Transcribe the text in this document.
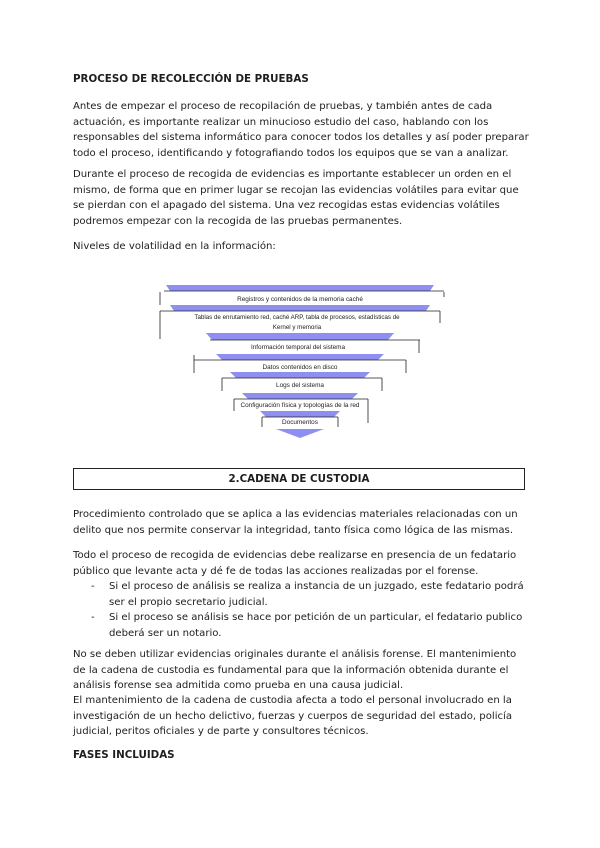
PROCESO DE RECOLECCIÓN DE PRUEBAS

Antes de empezar el proceso de recopilación de pruebas, y también antes de cada actuación, es importante realizar un minucioso estudio del caso, hablando con los responsables del sistema informático para conocer todos los detalles y así poder preparar todo el proceso, identificando y fotografiando todos los equipos que se van a analizar.

Durante el proceso de recogida de evidencias es importante establecer un orden en el mismo, de forma que en primer lugar se recojan las evidencias volátiles para evitar que se pierdan con el apagado del sistema. Una vez recogidas estas evidencias volátiles podremos empezar con la recogida de las pruebas permanentes.

Niveles de volatilidad en la información:

Registros y contenidos de la memoria caché
Tablas de enrutamiento red, caché ARP, tabla de procesos, estadísticas de
Kernel y memoria
Información temporal del sistema
Datos contenidos en disco
Logs del sistema
Configuración física y topologías de la red
Documentos
2.CADENA DE CUSTODIA

Procedimiento controlado que se aplica a las evidencias materiales relacionadas con un delito que nos permite conservar la integridad, tanto física como lógica de las mismas.

Todo el proceso de recogida de evidencias debe realizarse en presencia de un fedatario público que levante acta y dé fe de todas las acciones realizadas por el forense.

- Si el proceso de análisis se realiza a instancia de un juzgado, este fedatario podrá ser el propio secretario judicial.
- Si el proceso se análisis se hace por petición de un particular, el fedatario publico deberá ser un notario.

No se deben utilizar evidencias originales durante el análisis forense. El mantenimiento de la cadena de custodia es fundamental para que la información obtenida durante el análisis forense sea admitida como prueba en una causa judicial.

El mantenimiento de la cadena de custodia afecta a todo el personal involucrado en la investigación de un hecho delictivo, fuerzas y cuerpos de seguridad del estado, policía judicial, peritos oficiales y de parte y consultores técnicos.

FASES INCLUIDAS
